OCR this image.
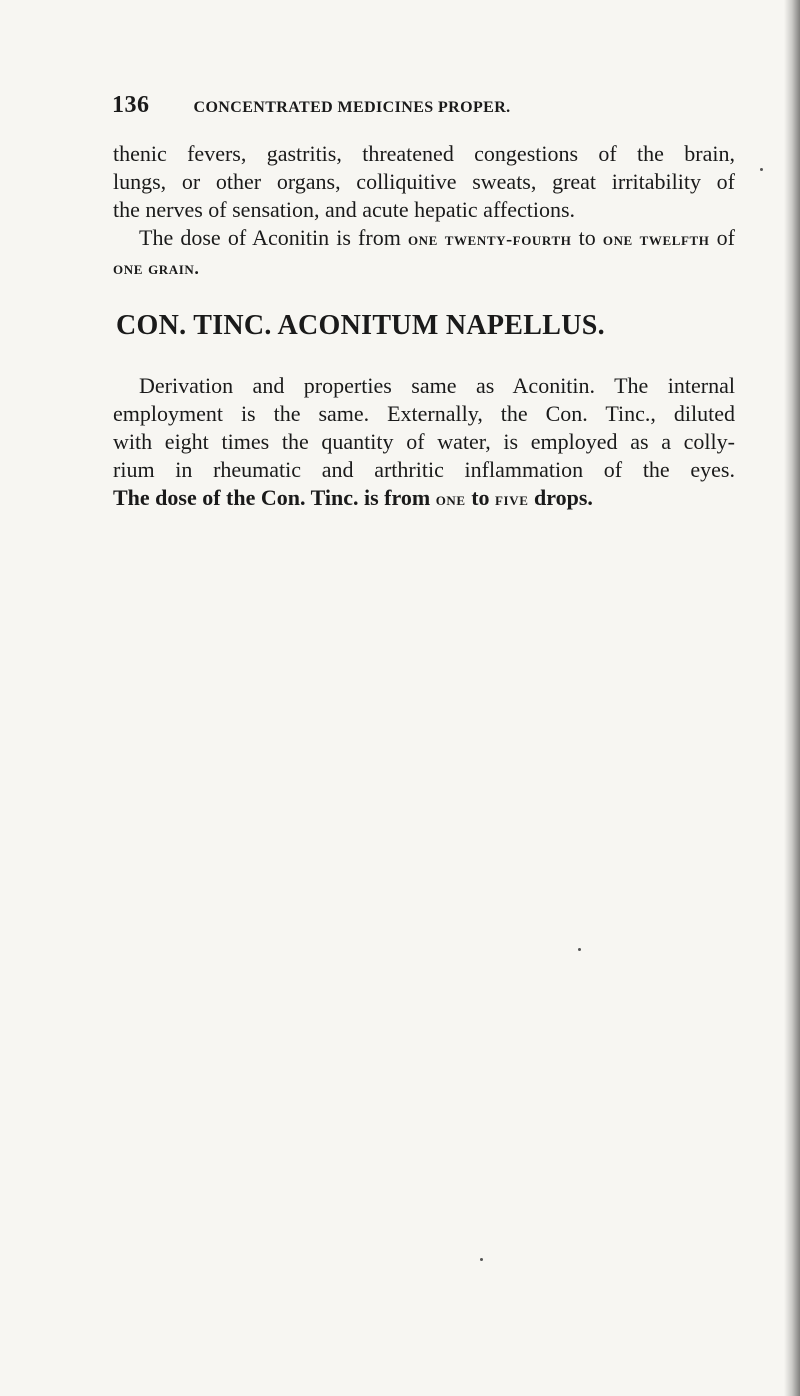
136	CONCENTRATED MEDICINES PROPER.
thenic fevers, gastritis, threatened congestions of the brain,
lungs, or other organs, colliquitive sweats, great irritability of
the nerves of sensation, and acute hepatic affections.
The dose of Aconitin is from one twenty-fourth to one twelfth of one grain.
CON. TINC. ACONITUM NAPELLUS.
Derivation and properties same as Aconitin. The internal
employment is the same. Externally, the Con. Tinc., diluted
with eight times the quantity of water, is employed as a colly-
rium in rheumatic and arthritic inflammation of the eyes.
The dose of the Con. Tinc. is from one to five drops.
